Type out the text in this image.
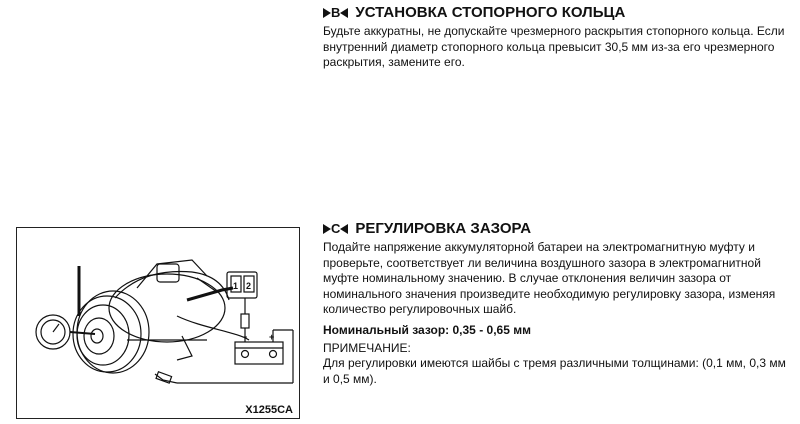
B УСТАНОВКА СТОПОРНОГО КОЛЬЦА

Будьте аккуратны, не допускайте чрезмерного раскрытия стопорного кольца. Если внутренний диаметр стопорного кольца превысит 30,5 мм из-за его чрезмерного раскрытия, замените его.

1 2
+
−
X1255CA
C РЕГУЛИРОВКА ЗАЗОРА

Подайте напряжение аккумуляторной батареи на электромагнитную муфту и проверьте, соответствует ли величина воздушного зазора в электромагнитной муфте номинальному значению. В случае отклонения величин зазора от номинального значения произведите необходимую регулировку зазора, изменяя количество регулировочных шайб.

Номинальный зазор: 0,35 - 0,65 мм

ПРИМЕЧАНИЕ:

Для регулировки имеются шайбы с тремя различными толщинами: (0,1 мм, 0,3 мм и 0,5 мм).
